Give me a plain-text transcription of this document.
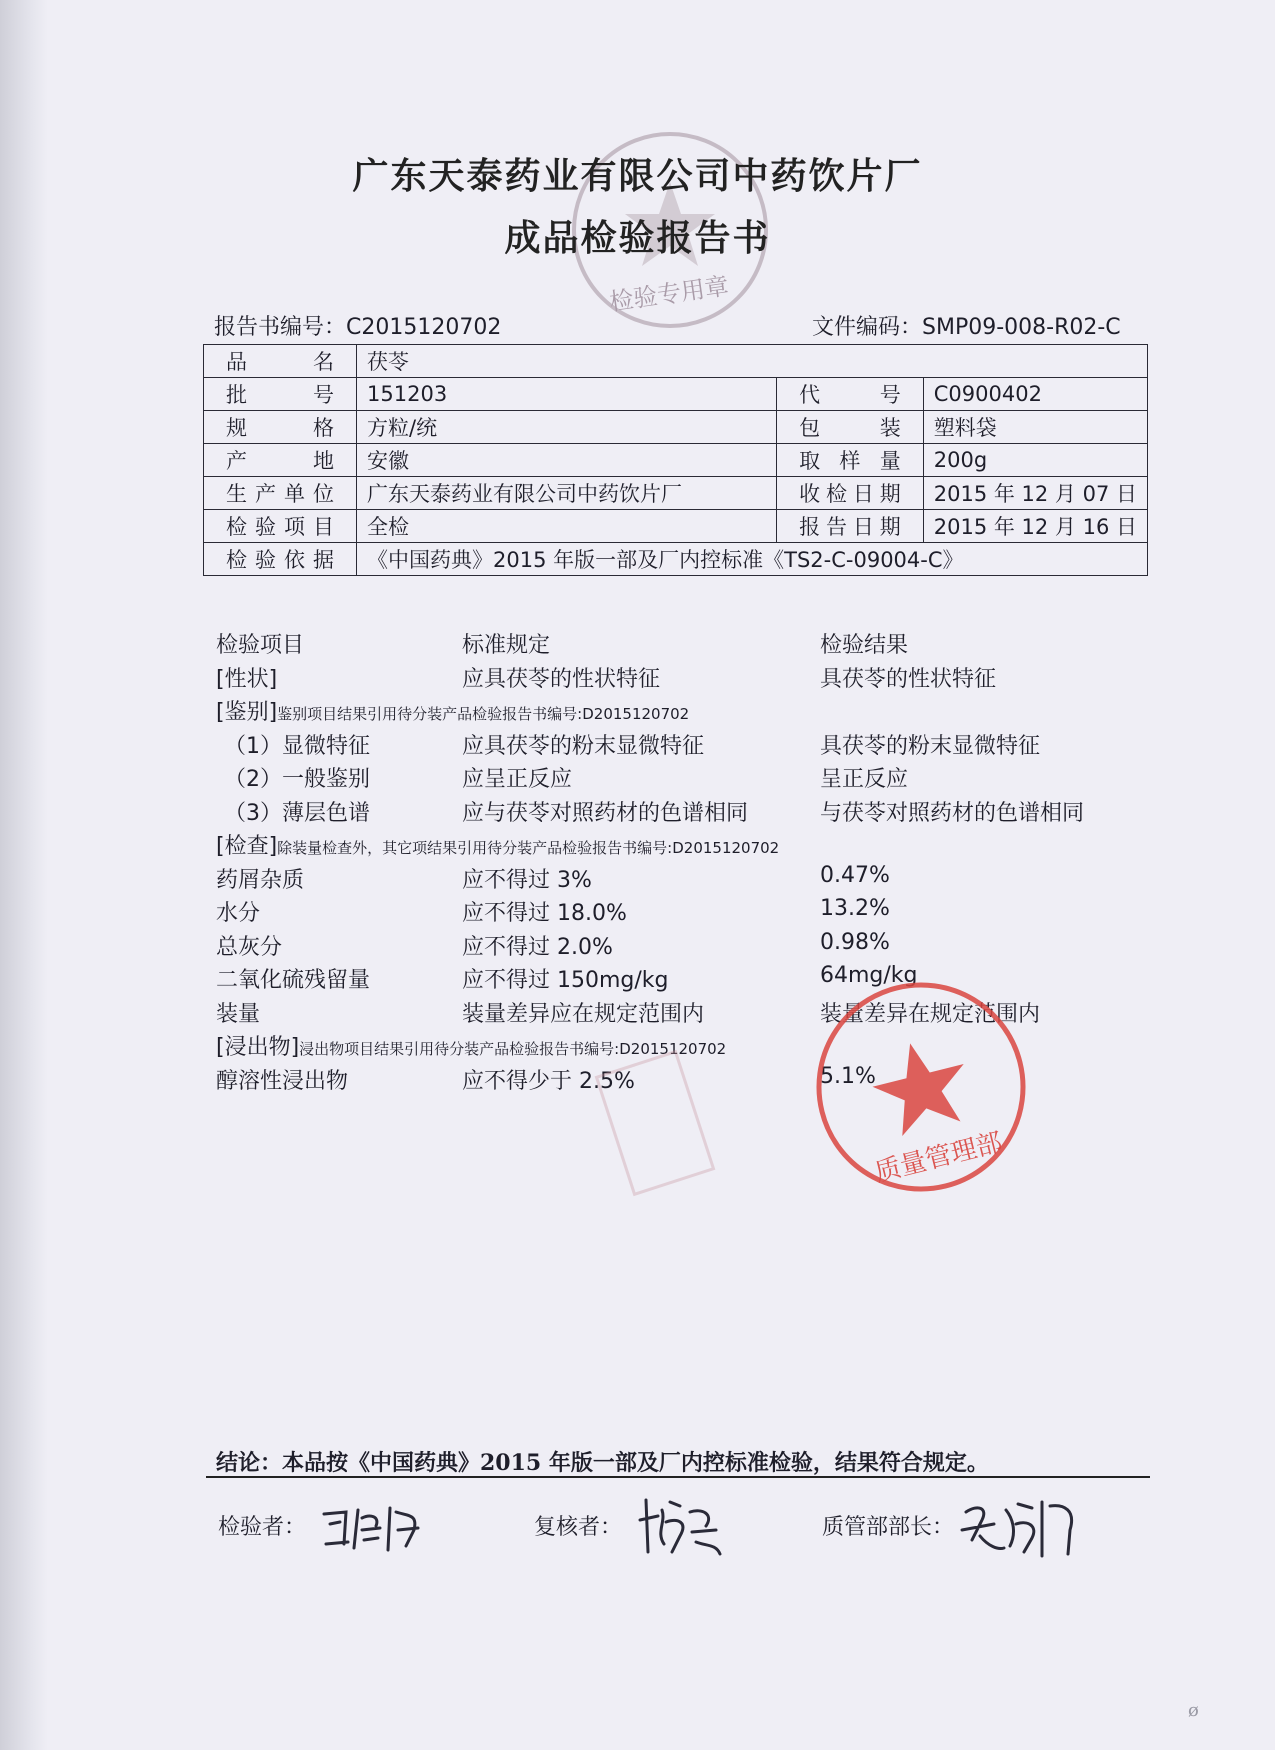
检验专用章
广东天泰药业有限公司中药饮片厂
成品检验报告书
报告书编号：C2015120702	文件编码：SMP09-008-R02-C
品名	茯苓		
批号	151203	代号	C0900402
规格	方粒/统	包装	塑料袋
产地	安徽	取样量	200g
生产单位	广东天泰药业有限公司中药饮片厂	收检日期	2015 年 12 月 07 日
检验项目	全检	报告日期	2015 年 12 月 16 日
检验依据	《中国药典》2015 年版一部及厂内控标准《TS2-C-09004-C》		
检验项目	标准规定	检验结果
[性状]	应具茯苓的性状特征	具茯苓的性状特征
[鉴别]鉴别项目结果引用待分装产品检验报告书编号:D2015120702
（1）显微特征	应具茯苓的粉末显微特征	具茯苓的粉末显微特征
（2）一般鉴别	应呈正反应	呈正反应
（3）薄层色谱	应与茯苓对照药材的色谱相同	与茯苓对照药材的色谱相同
[检查]除装量检查外，其它项结果引用待分装产品检验报告书编号:D2015120702
药屑杂质	应不得过 3%	0.47%
水分	应不得过 18.0%	13.2%
总灰分	应不得过 2.0%	0.98%
二氧化硫残留量	应不得过 150mg/kg	64mg/kg
装量	装量差异应在规定范围内	装量差异在规定范围内
[浸出物]浸出物项目结果引用待分装产品检验报告书编号:D2015120702
醇溶性浸出物	应不得少于 2.5%	5.1%
质量管理部
结论：本品按《中国药典》2015 年版一部及厂内控标准检验，结果符合规定。
检验者：	复核者：	质管部部长：
ø
